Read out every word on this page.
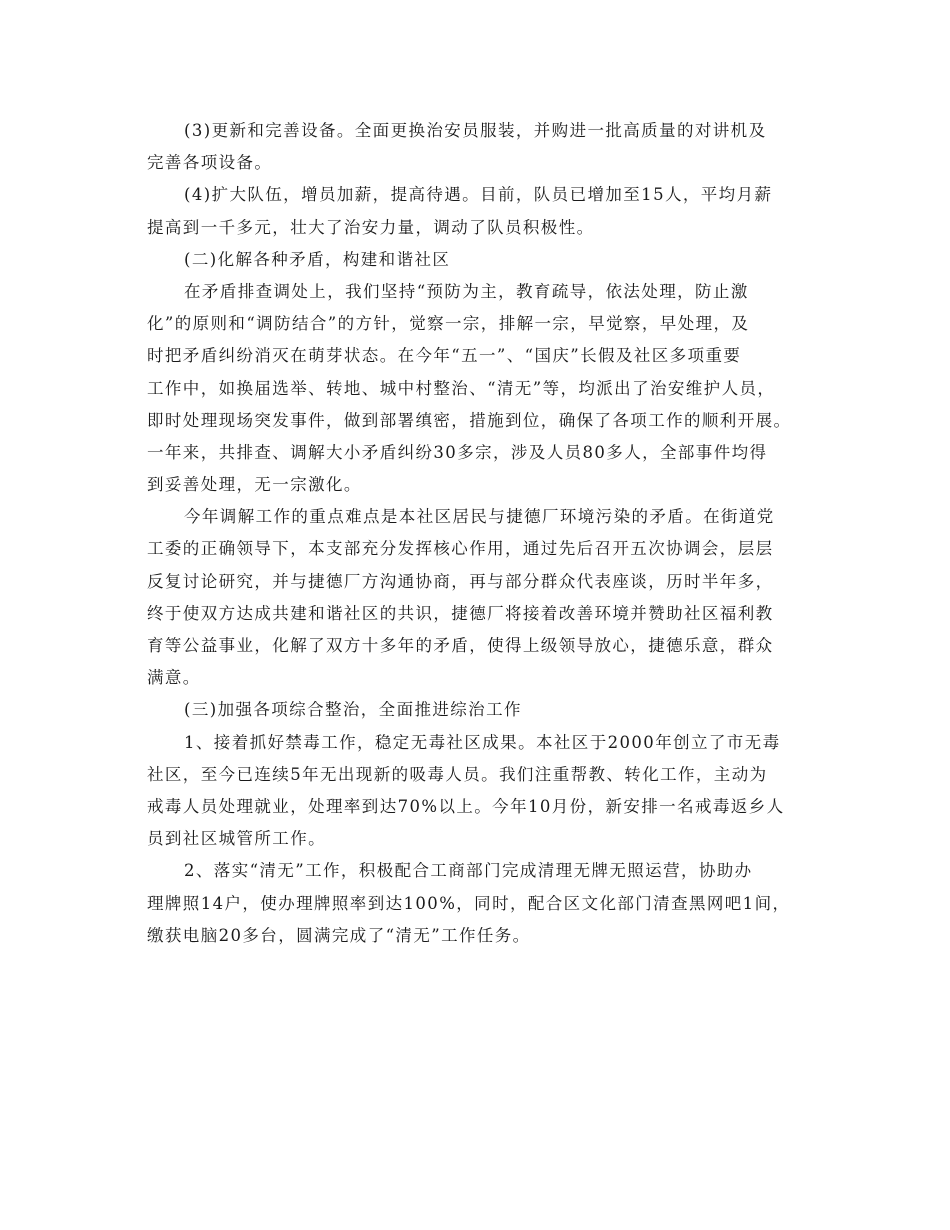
(3)更新和完善设备。全面更换治安员服装，并购进一批高质量的对讲机及
完善各项设备。
(4)扩大队伍，增员加薪，提高待遇。目前，队员已增加至15人，平均月薪
提高到一千多元，壮大了治安力量，调动了队员积极性。
(二)化解各种矛盾，构建和谐社区
在矛盾排查调处上，我们坚持“预防为主，教育疏导，依法处理，防止激
化”的原则和“调防结合”的方针，觉察一宗，排解一宗，早觉察，早处理，及
时把矛盾纠纷消灭在萌芽状态。在今年“五一”、“国庆”长假及社区多项重要
工作中，如换届选举、转地、城中村整治、“清无”等，均派出了治安维护人员，
即时处理现场突发事件，做到部署缜密，措施到位，确保了各项工作的顺利开展。
一年来，共排查、调解大小矛盾纠纷30多宗，涉及人员80多人，全部事件均得
到妥善处理，无一宗激化。
今年调解工作的重点难点是本社区居民与捷德厂环境污染的矛盾。在街道党
工委的正确领导下，本支部充分发挥核心作用，通过先后召开五次协调会，层层
反复讨论研究，并与捷德厂方沟通协商，再与部分群众代表座谈，历时半年多，
终于使双方达成共建和谐社区的共识，捷德厂将接着改善环境并赞助社区福利教
育等公益事业，化解了双方十多年的矛盾，使得上级领导放心，捷德乐意，群众
满意。
(三)加强各项综合整治，全面推进综治工作
1、接着抓好禁毒工作，稳定无毒社区成果。本社区于2000年创立了市无毒
社区，至今已连续5年无出现新的吸毒人员。我们注重帮教、转化工作，主动为
戒毒人员处理就业，处理率到达70%以上。今年10月份，新安排一名戒毒返乡人
员到社区城管所工作。
2、落实“清无”工作，积极配合工商部门完成清理无牌无照运营，协助办
理牌照14户，使办理牌照率到达100%，同时，配合区文化部门清查黑网吧1间，
缴获电脑20多台，圆满完成了“清无”工作任务。
